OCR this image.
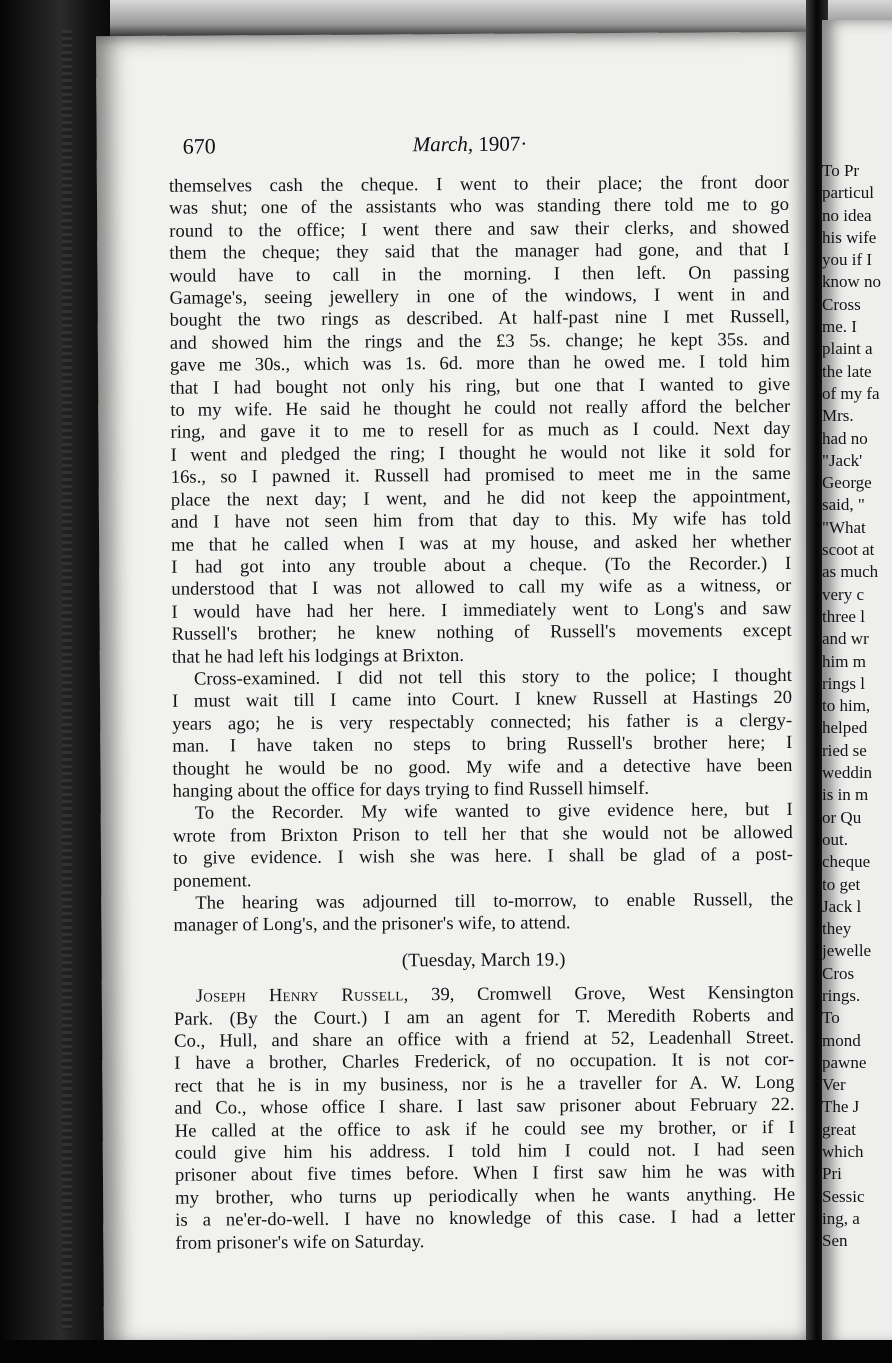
670	March, 1907·
themselves cash the cheque. I went to their place; the front door
was shut; one of the assistants who was standing there told me to go
round to the office; I went there and saw their clerks, and showed
them the cheque; they said that the manager had gone, and that I
would have to call in the morning. I then left. On passing
Gamage's, seeing jewellery in one of the windows, I went in and
bought the two rings as described. At half-past nine I met Russell,
and showed him the rings and the £3 5s. change; he kept 35s. and
gave me 30s., which was 1s. 6d. more than he owed me. I told him
that I had bought not only his ring, but one that I wanted to give
to my wife. He said he thought he could not really afford the belcher
ring, and gave it to me to resell for as much as I could. Next day
I went and pledged the ring; I thought he would not like it sold for
16s., so I pawned it. Russell had promised to meet me in the same
place the next day; I went, and he did not keep the appointment,
and I have not seen him from that day to this. My wife has told
me that he called when I was at my house, and asked her whether
I had got into any trouble about a cheque. (To the Recorder.) I
understood that I was not allowed to call my wife as a witness, or
I would have had her here. I immediately went to Long's and saw
Russell's brother; he knew nothing of Russell's movements except
that he had left his lodgings at Brixton.
Cross-examined. I did not tell this story to the police; I thought
I must wait till I came into Court. I knew Russell at Hastings 20
years ago; he is very respectably connected; his father is a clergy-
man. I have taken no steps to bring Russell's brother here; I
thought he would be no good. My wife and a detective have been
hanging about the office for days trying to find Russell himself.
To the Recorder. My wife wanted to give evidence here, but I
wrote from Brixton Prison to tell her that she would not be allowed
to give evidence. I wish she was here. I shall be glad of a post-
ponement.
The hearing was adjourned till to-morrow, to enable Russell, the
manager of Long's, and the prisoner's wife, to attend.
(Tuesday, March 19.)
Joseph Henry Russell, 39, Cromwell Grove, West Kensington
Park. (By the Court.) I am an agent for T. Meredith Roberts and
Co., Hull, and share an office with a friend at 52, Leadenhall Street.
I have a brother, Charles Frederick, of no occupation. It is not cor-
rect that he is in my business, nor is he a traveller for A. W. Long
and Co., whose office I share. I last saw prisoner about February 22.
He called at the office to ask if he could see my brother, or if I
could give him his address. I told him I could not. I had seen
prisoner about five times before. When I first saw him he was with
my brother, who turns up periodically when he wants anything. He
is a ne'er-do-well. I have no knowledge of this case. I had a letter
from prisoner's wife on Saturday.
To Pr
particul
no idea
his wife
you if I
know no
Cross
me. I
plaint a
the late
of my fa
Mrs.
had no
"Jack'
George
said, "
"What
scoot at
as much
very c
three l
and wr
him m
rings l
to him,
helped
ried se
weddin
is in m
or Qu
out.
cheque
to get
Jack l
they
jewelle
Cros
rings.
To
mond
pawne
Ver
The J
great
which
Pri
Sessic
ing, a
Sen
